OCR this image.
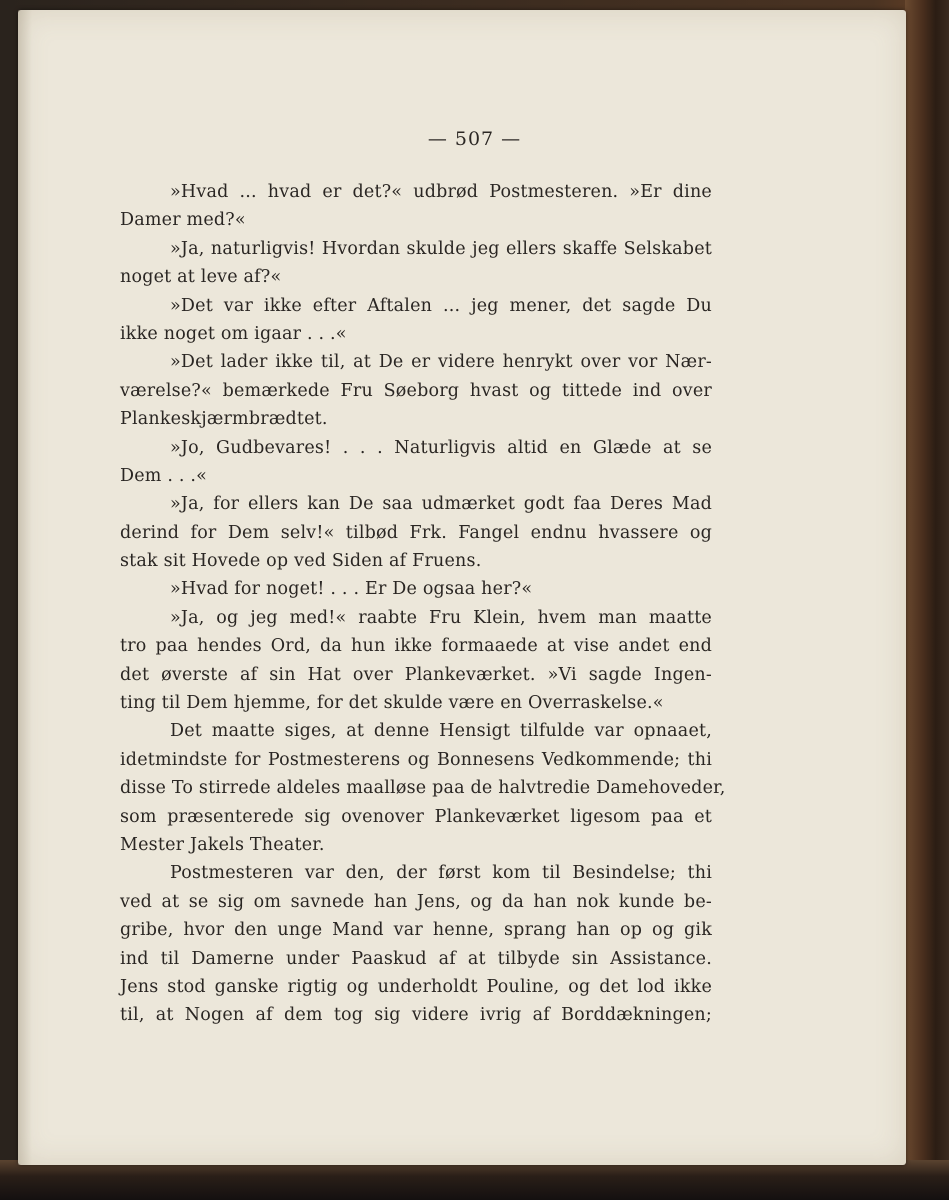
— 507 —
»Hvad ... hvad er det?« udbrød Postmesteren. »Er dine
Damer med?«
»Ja, naturligvis! Hvordan skulde jeg ellers skaffe Selskabet
noget at leve af?«
»Det var ikke efter Aftalen ... jeg mener, det sagde Du
ikke noget om igaar . . .«
»Det lader ikke til, at De er videre henrykt over vor Nær-
værelse?« bemærkede Fru Søeborg hvast og tittede ind over
Plankeskjærmbrædtet.
»Jo, Gudbevares! . . . Naturligvis altid en Glæde at se
Dem . . .«
»Ja, for ellers kan De saa udmærket godt faa Deres Mad
derind for Dem selv!« tilbød Frk. Fangel endnu hvassere og
stak sit Hovede op ved Siden af Fruens.
»Hvad for noget! . . . Er De ogsaa her?«
»Ja, og jeg med!« raabte Fru Klein, hvem man maatte
tro paa hendes Ord, da hun ikke formaaede at vise andet end
det øverste af sin Hat over Plankeværket. »Vi sagde Ingen-
ting til Dem hjemme, for det skulde være en Overraskelse.«
Det maatte siges, at denne Hensigt tilfulde var opnaaet,
idetmindste for Postmesterens og Bonnesens Vedkommende; thi
disse To stirrede aldeles maalløse paa de halvtredie Damehoveder,
som præsenterede sig ovenover Plankeværket ligesom paa et
Mester Jakels Theater.
Postmesteren var den, der først kom til Besindelse; thi
ved at se sig om savnede han Jens, og da han nok kunde be-
gribe, hvor den unge Mand var henne, sprang han op og gik
ind til Damerne under Paaskud af at tilbyde sin Assistance.
Jens stod ganske rigtig og underholdt Pouline, og det lod ikke
til, at Nogen af dem tog sig videre ivrig af Borddækningen;
